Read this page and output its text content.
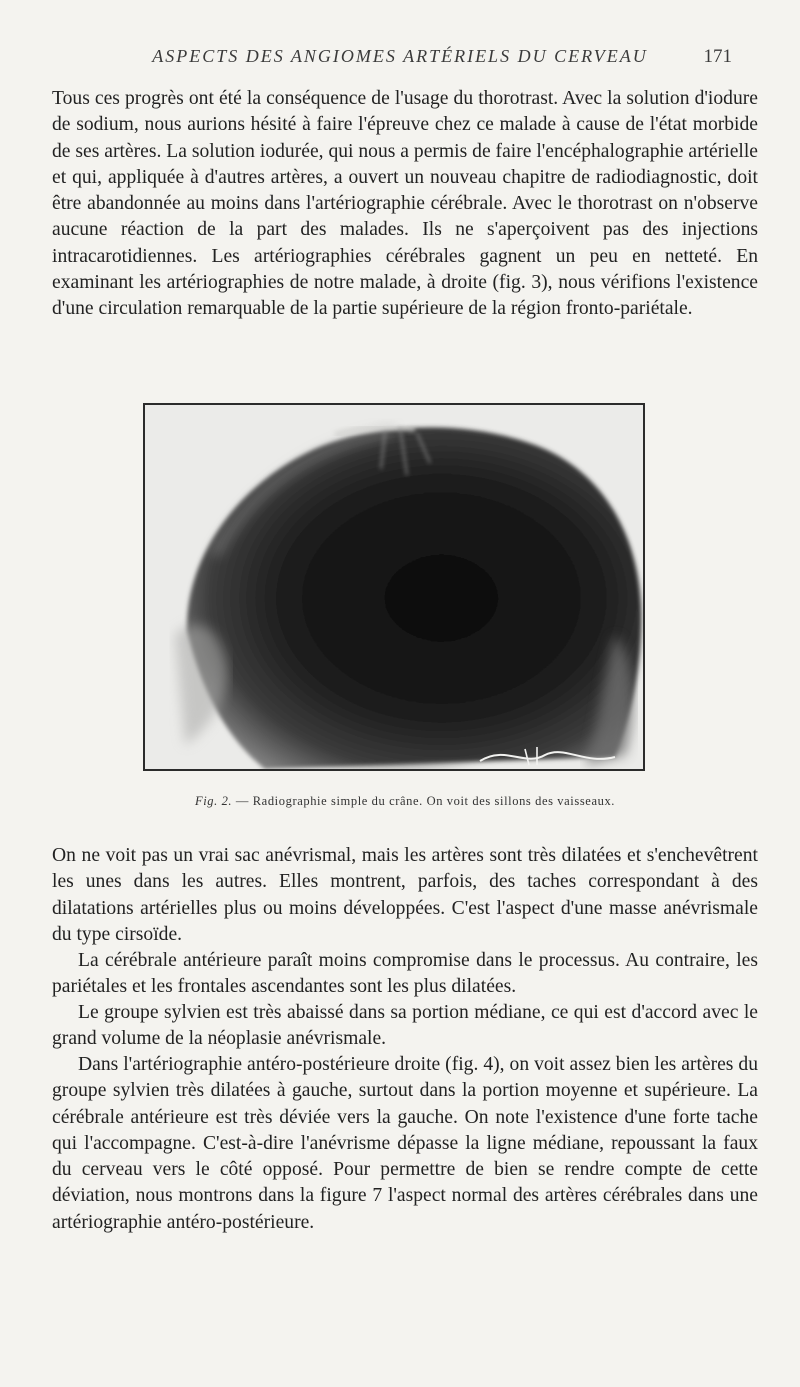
ASPECTS DES ANGIOMES ARTÉRIELS DU CERVEAU	171

Tous ces progrès ont été la conséquence de l'usage du thorotrast. Avec la solution d'iodure de sodium, nous aurions hésité à faire l'épreuve chez ce malade à cause de l'état morbide de ses artères. La solution iodurée, qui nous a permis de faire l'encéphalographie artérielle et qui, appliquée à d'autres artères, a ouvert un nouveau chapitre de radiodiagnostic, doit être abandonnée au moins dans l'artériographie cérébrale. Avec le thorotrast on n'observe aucune réaction de la part des malades. Ils ne s'aperçoivent pas des injections intracarotidiennes. Les artériographies cérébrales gagnent un peu en netteté. En examinant les artériographies de notre malade, à droite (fig. 3), nous vérifions l'existence d'une circulation remarquable de la partie supérieure de la région fronto-pariétale.

Fig. 2. — Radiographie simple du crâne. On voit des sillons des vaisseaux.

On ne voit pas un vrai sac anévrismal, mais les artères sont très dilatées et s'enchevêtrent les unes dans les autres. Elles montrent, parfois, des taches correspondant à des dilatations artérielles plus ou moins développées. C'est l'aspect d'une masse anévrismale du type cirsoïde.

La cérébrale antérieure paraît moins compromise dans le processus. Au contraire, les pariétales et les frontales ascendantes sont les plus dilatées.

Le groupe sylvien est très abaissé dans sa portion médiane, ce qui est d'accord avec le grand volume de la néoplasie anévrismale.

Dans l'artériographie antéro-postérieure droite (fig. 4), on voit assez bien les artères du groupe sylvien très dilatées à gauche, surtout dans la portion moyenne et supérieure. La cérébrale antérieure est très déviée vers la gauche. On note l'existence d'une forte tache qui l'accompagne. C'est-à-dire l'anévrisme dépasse la ligne médiane, repoussant la faux du cerveau vers le côté opposé. Pour permettre de bien se rendre compte de cette déviation, nous montrons dans la figure 7 l'aspect normal des artères cérébrales dans une artériographie antéro-postérieure.
